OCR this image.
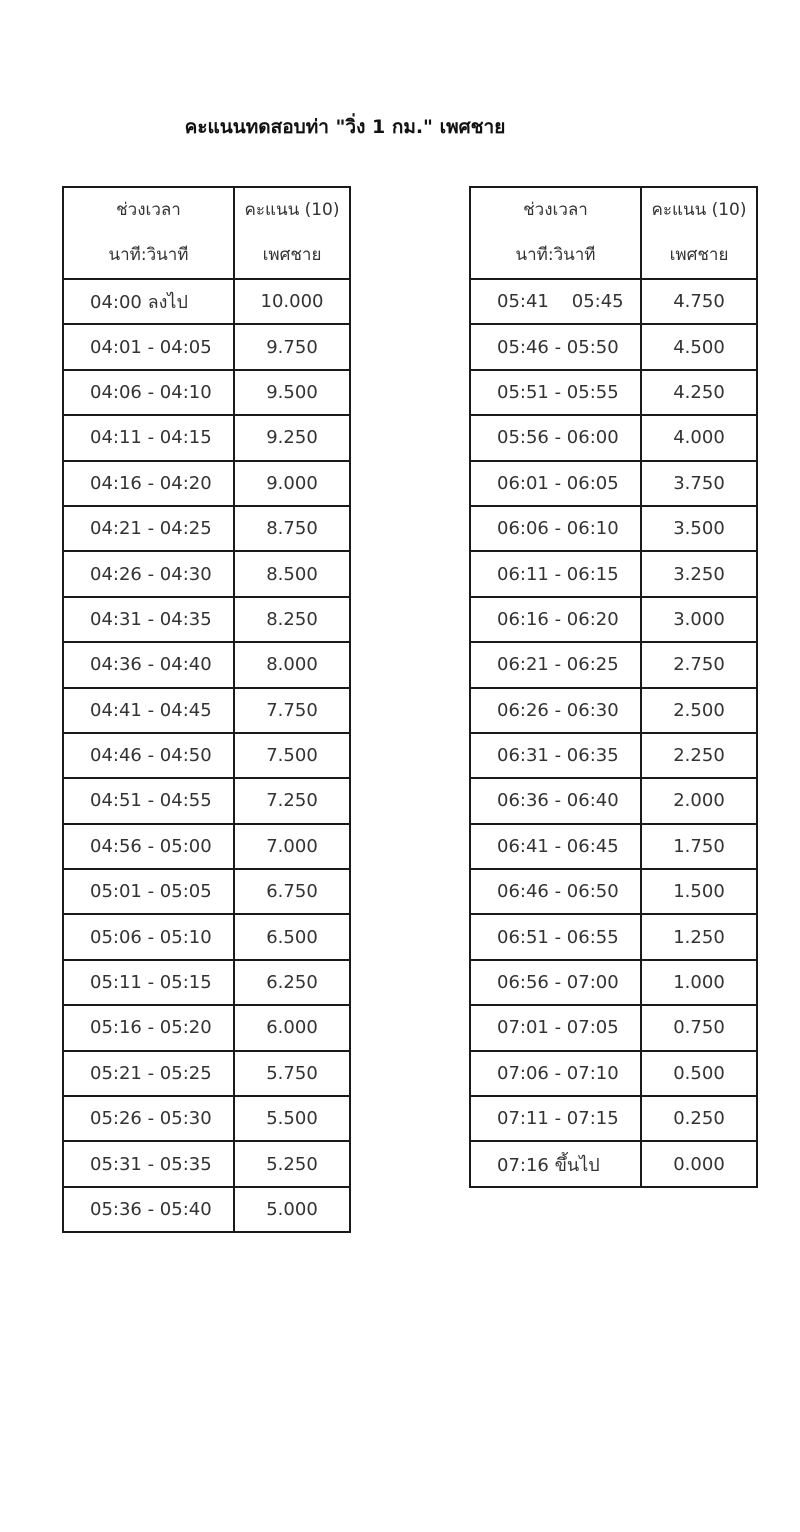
คะแนนทดสอบท่า "วิ่ง 1 กม." เพศชาย
ช่วงเวลา
นาที:วินาที	คะแนน (10)
เพศชาย

04:00 ลงไป	10.000
04:01 - 04:05	9.750
04:06 - 04:10	9.500
04:11 - 04:15	9.250
04:16 - 04:20	9.000
04:21 - 04:25	8.750
04:26 - 04:30	8.500
04:31 - 04:35	8.250
04:36 - 04:40	8.000
04:41 - 04:45	7.750
04:46 - 04:50	7.500
04:51 - 04:55	7.250
04:56 - 05:00	7.000
05:01 - 05:05	6.750
05:06 - 05:10	6.500
05:11 - 05:15	6.250
05:16 - 05:20	6.000
05:21 - 05:25	5.750
05:26 - 05:30	5.500
05:31 - 05:35	5.250
05:36 - 05:40	5.000
ช่วงเวลา
นาที:วินาที	คะแนน (10)
เพศชาย

05:41    05:45	4.750
05:46 - 05:50	4.500
05:51 - 05:55	4.250
05:56 - 06:00	4.000
06:01 - 06:05	3.750
06:06 - 06:10	3.500
06:11 - 06:15	3.250
06:16 - 06:20	3.000
06:21 - 06:25	2.750
06:26 - 06:30	2.500
06:31 - 06:35	2.250
06:36 - 06:40	2.000
06:41 - 06:45	1.750
06:46 - 06:50	1.500
06:51 - 06:55	1.250
06:56 - 07:00	1.000
07:01 - 07:05	0.750
07:06 - 07:10	0.500
07:11 - 07:15	0.250
07:16 ขึ้นไป	0.000
